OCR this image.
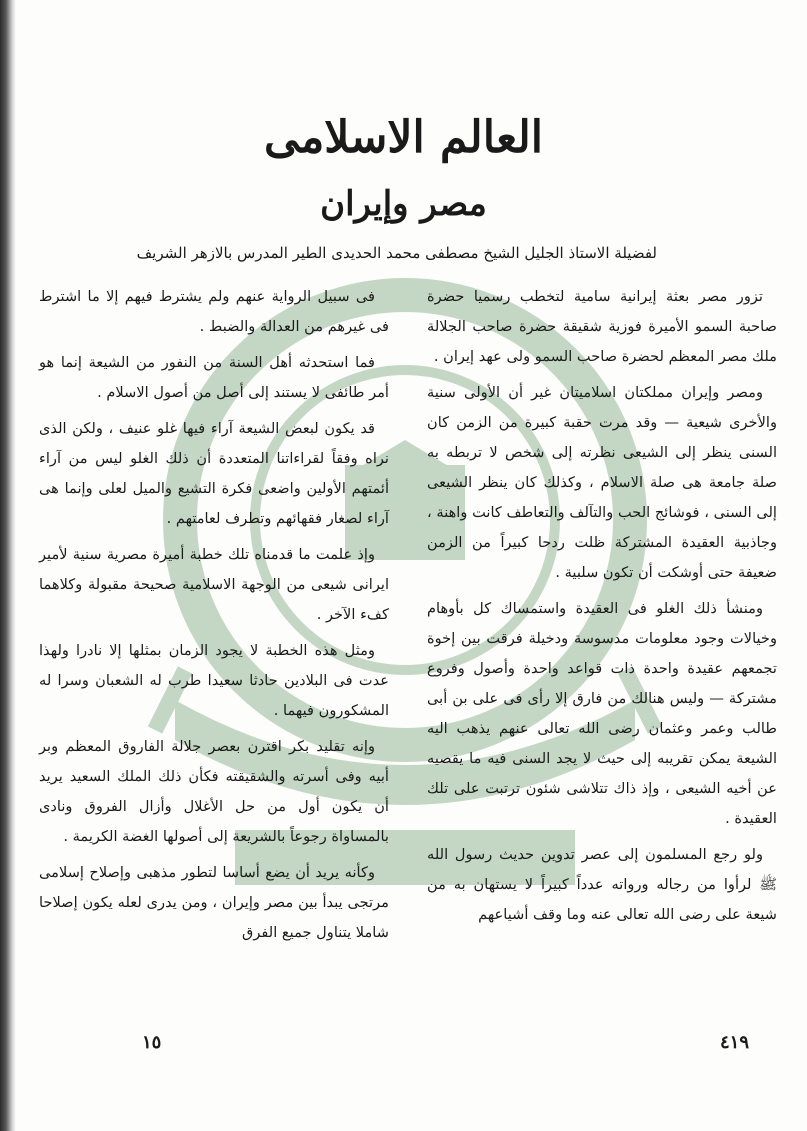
العالم الاسلامى
مصر وإيران
لفضيلة الاستاذ الجليل الشيخ مصطفى محمد الحديدى الطير المدرس بالازهر الشريف

تزور مصر بعثة إيرانية سامية لتخطب رسميا حضرة صاحبة السمو الأميرة فوزية شقيقة حضرة صاحب الجلالة ملك مصر المعظم لحضرة صاحب السمو ولى عهد إيران .

ومصر وإيران مملكتان اسلاميتان غير أن الأولى سنية والأخرى شيعية — وقد مرت حقبة كبيرة من الزمن كان السنى ينظر إلى الشيعى نظرته إلى شخص لا تربطه به صلة جامعة هى صلة الاسلام ، وكذلك كان ينظر الشيعى إلى السنى ، فوشائج الحب والتآلف والتعاطف كانت واهنة ، وجاذبية العقيدة المشتركة ظلت ردحا كبيراً من الزمن ضعيفة حتى أوشكت أن تكون سلبية .

ومنشأ ذلك الغلو فى العقيدة واستمساك كل بأوهام وخيالات وجود معلومات مدسوسة ودخيلة فرقت بين إخوة تجمعهم عقيدة واحدة ذات قواعد واحدة وأصول وفروع مشتركة — وليس هنالك من فارق إلا رأى فى على بن أبى طالب وعمر وعثمان رضى الله تعالى عنهم يذهب اليه الشيعة يمكن تقريبه إلى حيث لا يجد السنى فيه ما يقصيه عن أخيه الشيعى ، وإذ ذاك تتلاشى شئون ترتبت على تلك العقيدة .

ولو رجع المسلمون إلى عصر تدوين حديث رسول الله ﷺ لرأوا من رجاله ورواته عدداً كبيراً لا يستهان به من شيعة على رضى الله تعالى عنه وما وقف أشياعهم

فى سبيل الرواية عنهم ولم يشترط فيهم إلا ما اشترط فى غيرهم من العدالة والضبط .

فما استحدثه أهل السنة من النفور من الشيعة إنما هو أمر طائفى لا يستند إلى أصل من أصول الاسلام .

قد يكون لبعض الشيعة آراء فيها غلو عنيف ، ولكن الذى نراه وفقاً لقراءاتنا المتعددة أن ذلك الغلو ليس من آراء أئمتهم الأولين واضعى فكرة التشيع والميل لعلى وإنما هى آراء لصغار فقهائهم وتطرف لعامتهم .

وإذ علمت ما قدمناه تلك خطبة أميرة مصرية سنية لأمير ايرانى شيعى من الوجهة الاسلامية صحيحة مقبولة وكلاهما كفء الآخر .

ومثل هذه الخطبة لا يجود الزمان بمثلها إلا نادرا ولهذا عدت فى البلادين حادثا سعيدا طرب له الشعبان وسرا له المشكورون فيهما .

وإنه تقليد بكر اقترن بعصر جلالة الفاروق المعظم وبر أبيه وفى أسرته والشقيقته فكأن ذلك الملك السعيد يريد أن يكون أول من حل الأغلال وأزال الفروق ونادى بالمساواة رجوعاً بالشريعة إلى أصولها الغضة الكريمة .

وكأنه يريد أن يضع أساسا لتطور مذهبى وإصلاح إسلامى مرتجى يبدأ بين مصر وإيران ، ومن يدرى لعله يكون إصلاحا شاملا يتناول جميع الفرق

٤١٩
١٥
